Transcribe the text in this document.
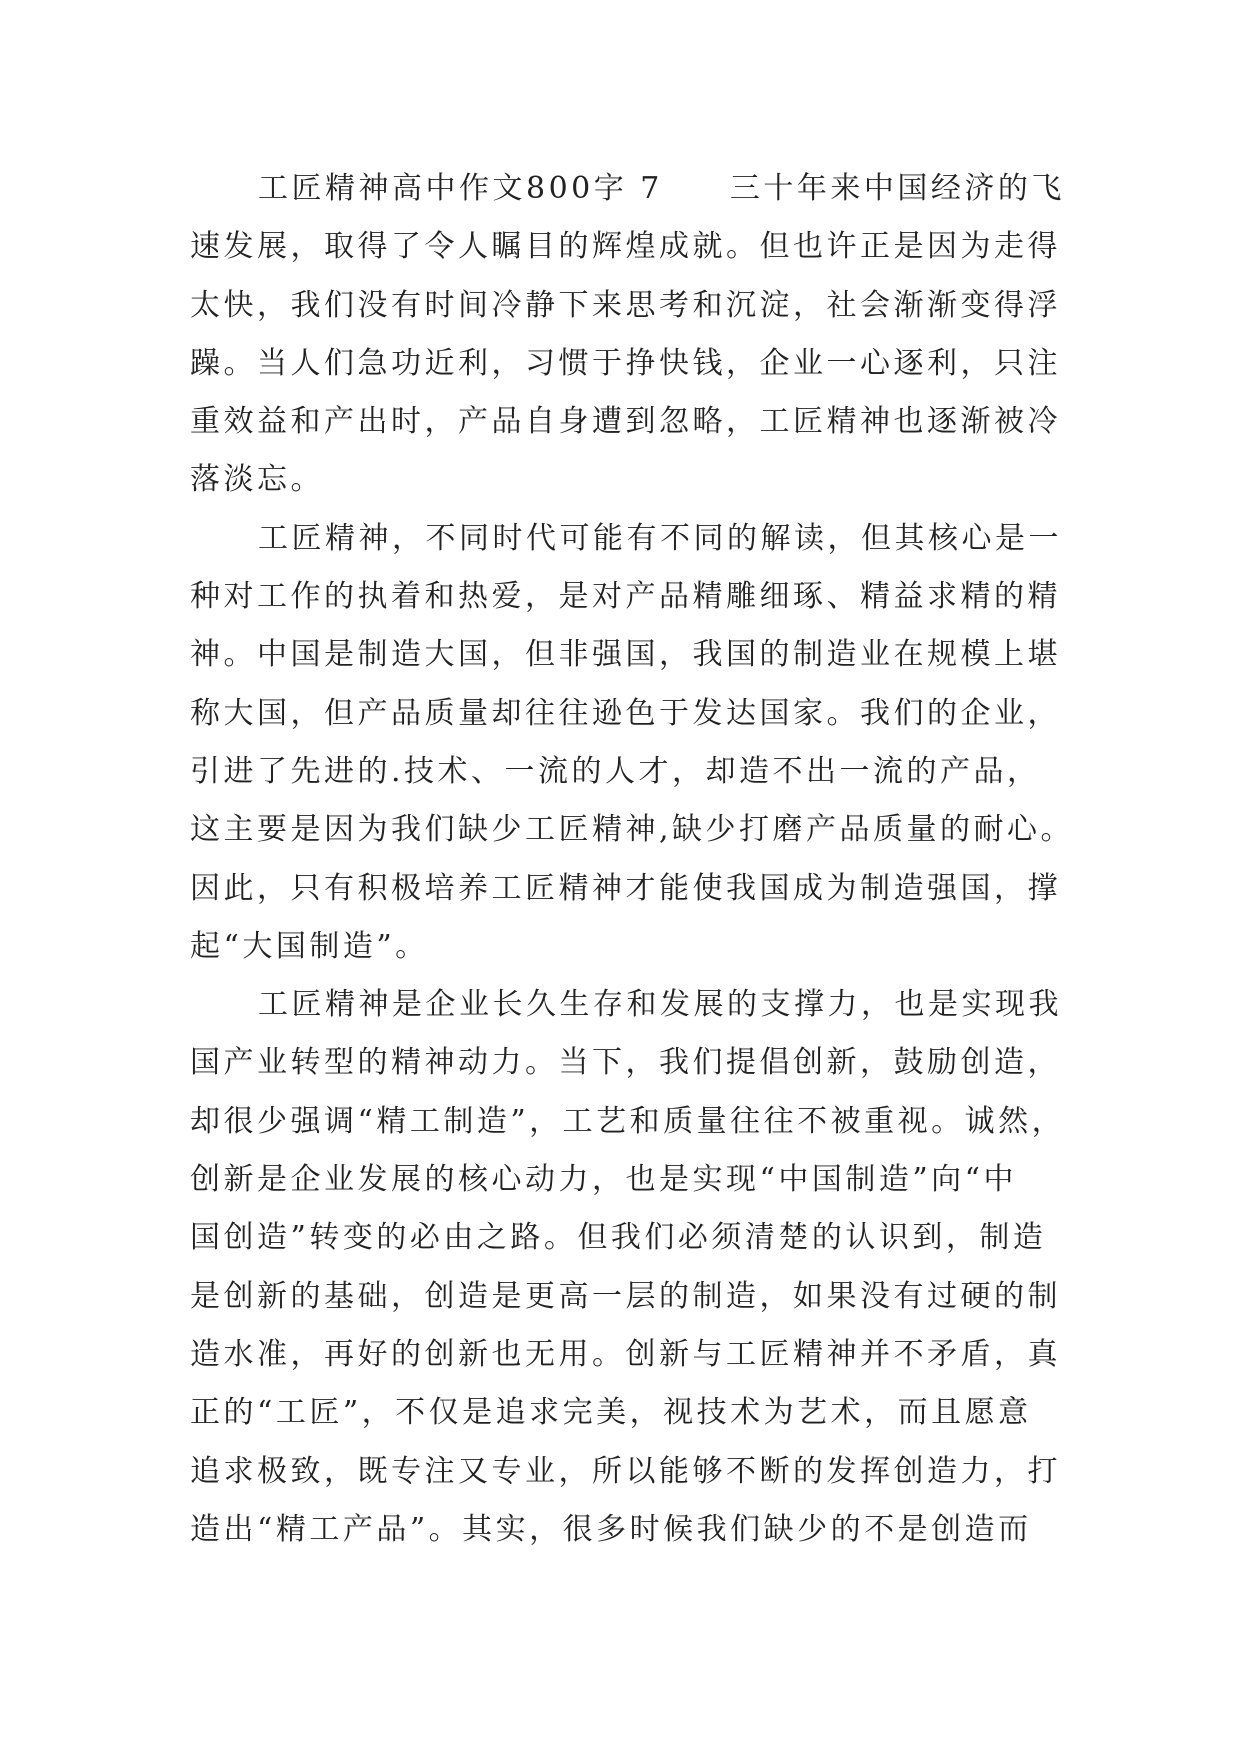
工匠精神高中作文800字 7　　三十年来中国经济的飞
速发展，取得了令人瞩目的辉煌成就。但也许正是因为走得
太快，我们没有时间冷静下来思考和沉淀，社会渐渐变得浮
躁。当人们急功近利，习惯于挣快钱，企业一心逐利，只注
重效益和产出时，产品自身遭到忽略，工匠精神也逐渐被冷
落淡忘。
工匠精神，不同时代可能有不同的解读，但其核心是一
种对工作的执着和热爱，是对产品精雕细琢、精益求精的精
神。中国是制造大国，但非强国，我国的制造业在规模上堪
称大国，但产品质量却往往逊色于发达国家。我们的企业，
引进了先进的.技术、一流的人才，却造不出一流的产品，
这主要是因为我们缺少工匠精神,缺少打磨产品质量的耐心。
因此，只有积极培养工匠精神才能使我国成为制造强国，撑
起“大国制造”。
工匠精神是企业长久生存和发展的支撑力，也是实现我
国产业转型的精神动力。当下，我们提倡创新，鼓励创造，
却很少强调“精工制造”，工艺和质量往往不被重视。诚然，
创新是企业发展的核心动力，也是实现“中国制造”向“中
国创造”转变的必由之路。但我们必须清楚的认识到，制造
是创新的基础，创造是更高一层的制造，如果没有过硬的制
造水准，再好的创新也无用。创新与工匠精神并不矛盾，真
正的“工匠”，不仅是追求完美，视技术为艺术，而且愿意
追求极致，既专注又专业，所以能够不断的发挥创造力，打
造出“精工产品”。其实，很多时候我们缺少的不是创造而
